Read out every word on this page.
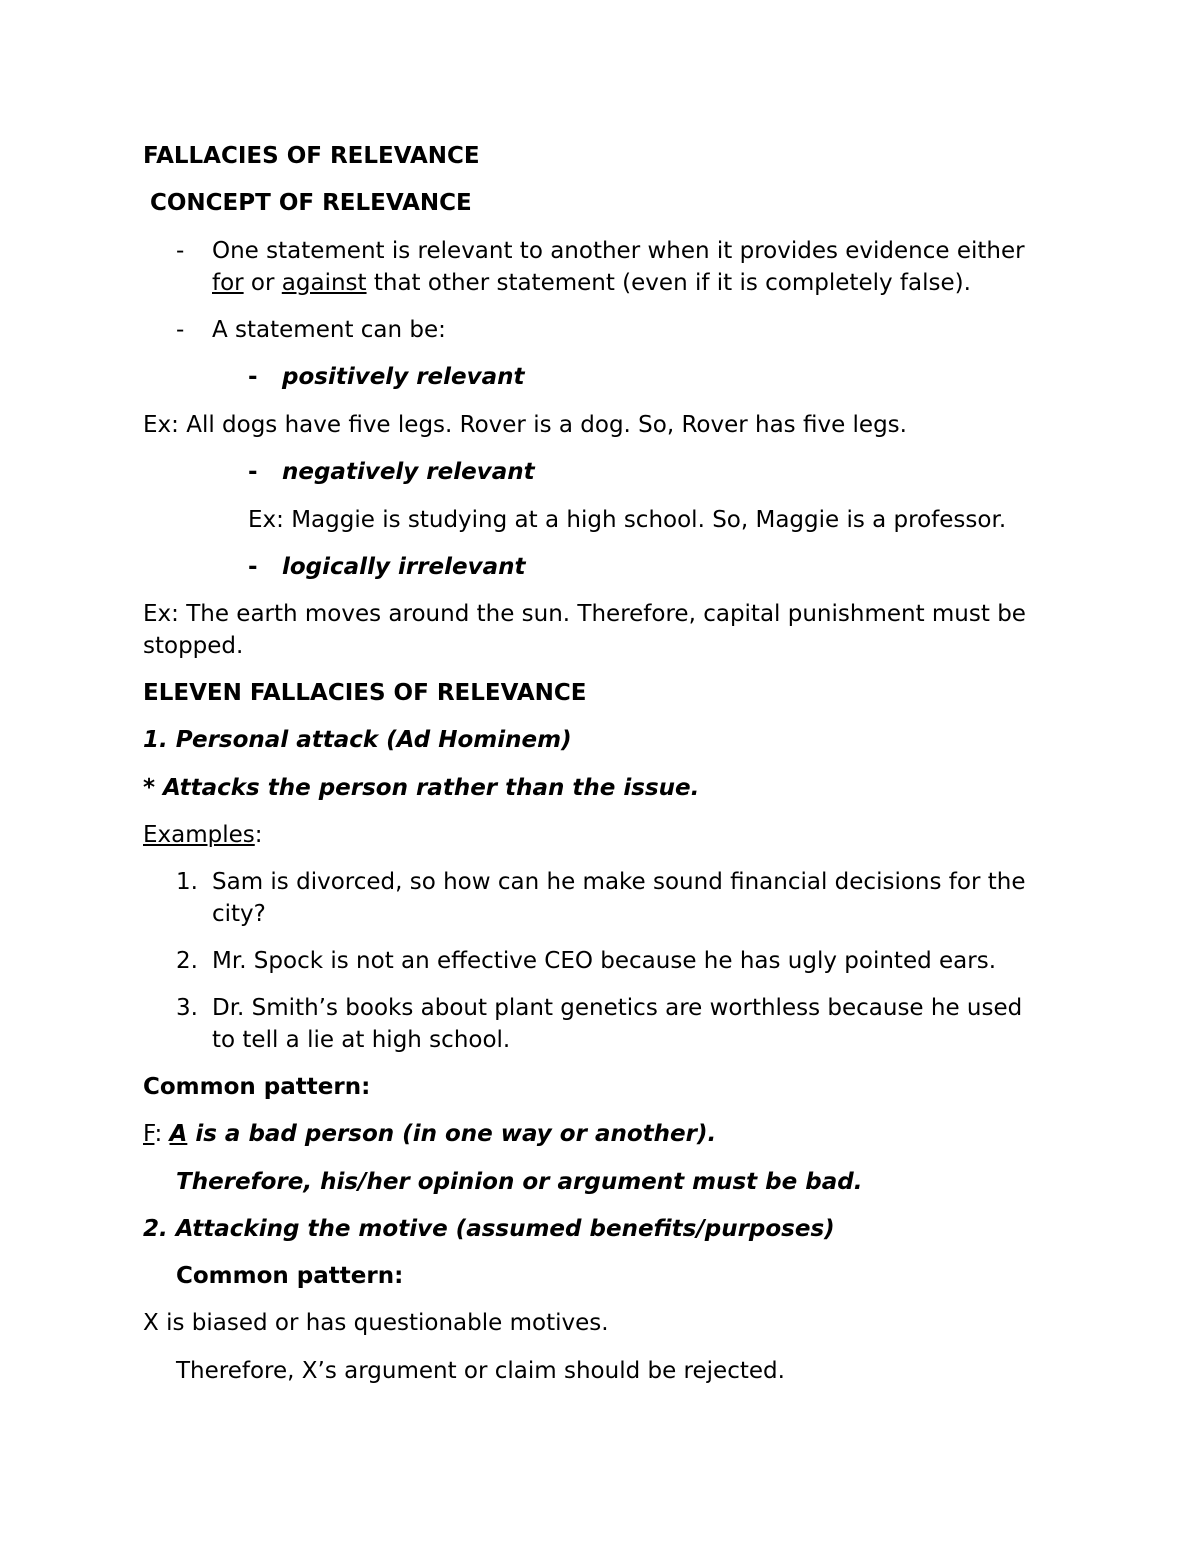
FALLACIES OF RELEVANCE
CONCEPT OF RELEVANCE
- One statement is relevant to another when it provides evidence either
for or against that other statement (even if it is completely false).
- A statement can be:
- positively relevant
Ex: All dogs have five legs. Rover is a dog. So, Rover has five legs.
- negatively relevant
Ex: Maggie is studying at a high school. So, Maggie is a professor.
- logically irrelevant
Ex: The earth moves around the sun. Therefore, capital punishment must be
stopped.
ELEVEN FALLACIES OF RELEVANCE
1. Personal attack (Ad Hominem)
* Attacks the person rather than the issue.
Examples:
1. Sam is divorced, so how can he make sound financial decisions for the
city?
2. Mr. Spock is not an effective CEO because he has ugly pointed ears.
3. Dr. Smith’s books about plant genetics are worthless because he used
to tell a lie at high school.
Common pattern:
F: A is a bad person (in one way or another).
Therefore, his/her opinion or argument must be bad.
2. Attacking the motive (assumed benefits/purposes)
Common pattern:
X is biased or has questionable motives.
Therefore, X’s argument or claim should be rejected.
